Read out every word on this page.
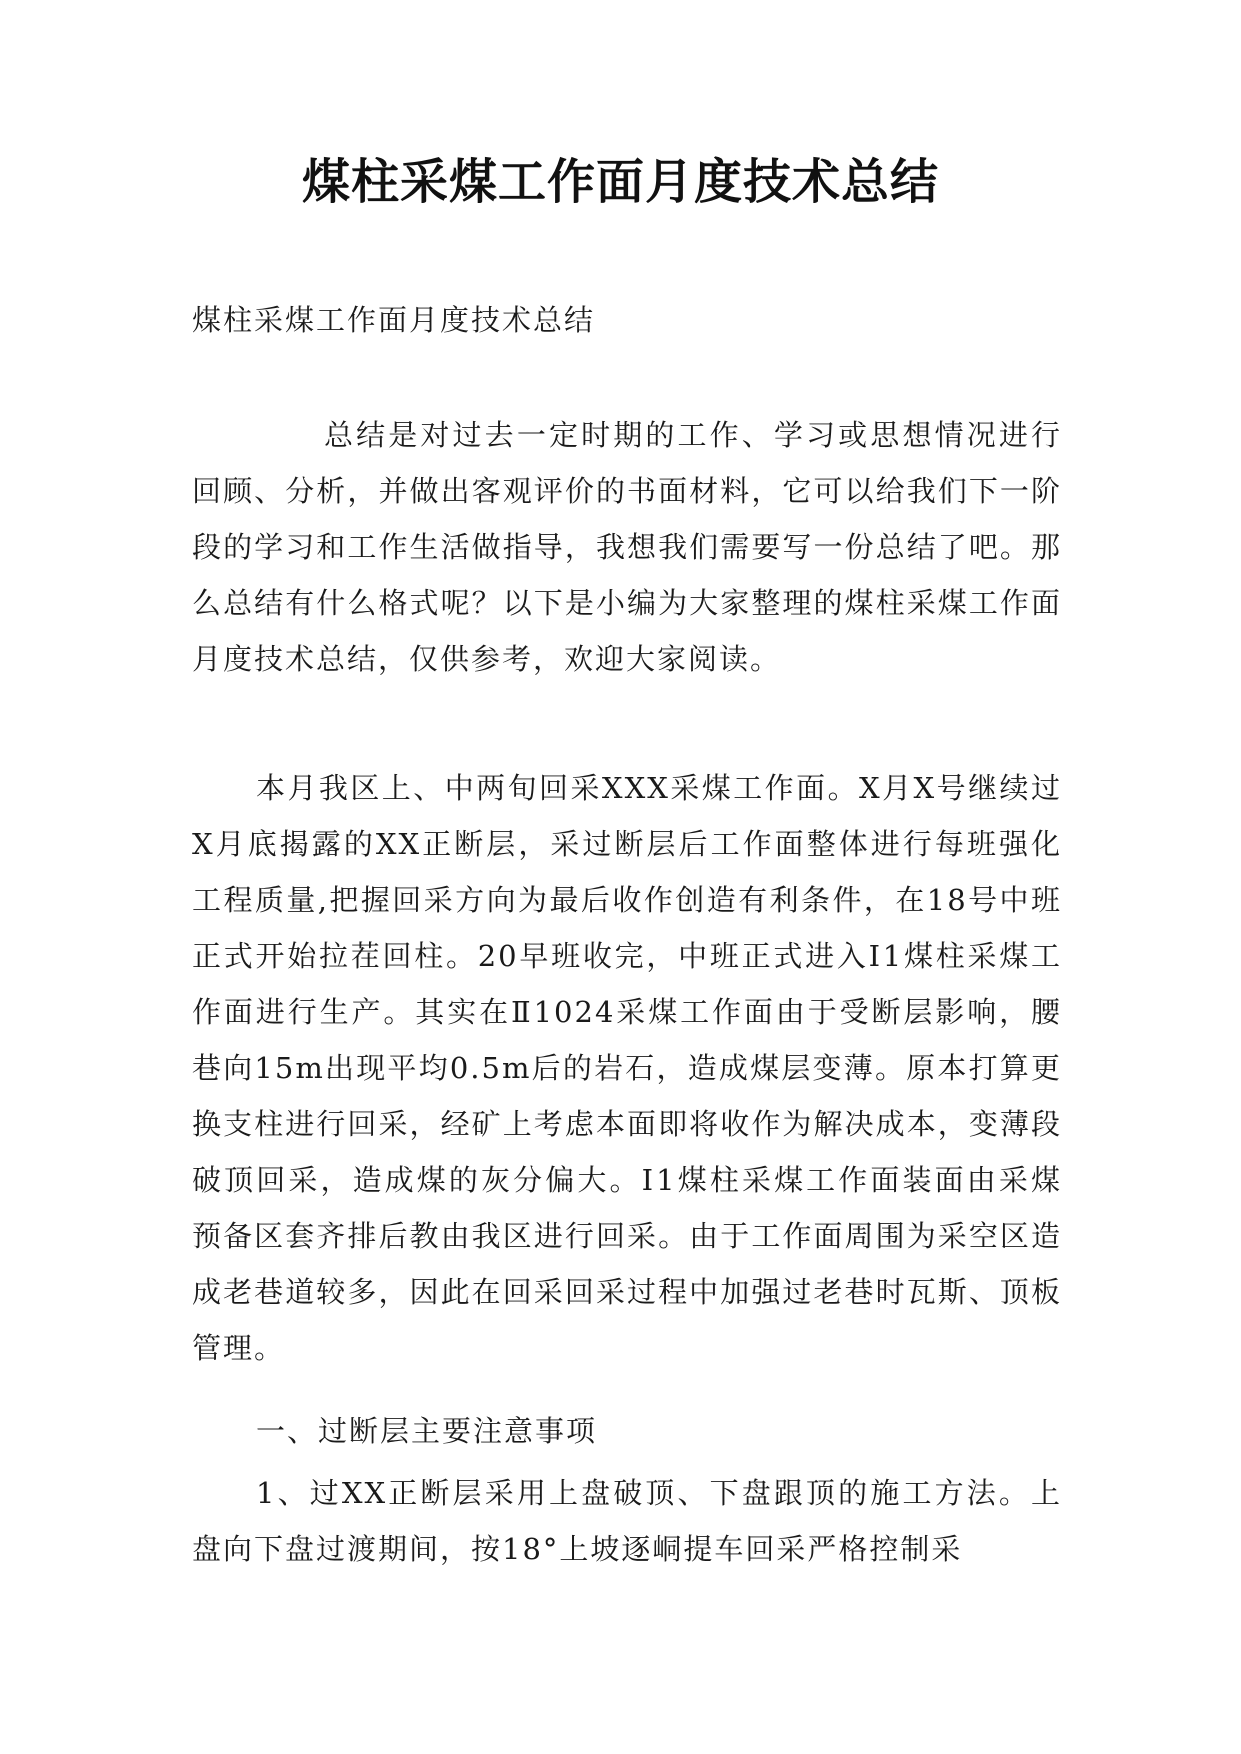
煤柱采煤工作面月度技术总结
煤柱采煤工作面月度技术总结

总结是对过去一定时期的工作、学习或思想情况进行回顾、分析，并做出客观评价的书面材料，它可以给我们下一阶段的学习和工作生活做指导，我想我们需要写一份总结了吧。那么总结有什么格式呢？以下是小编为大家整理的煤柱采煤工作面月度技术总结，仅供参考，欢迎大家阅读。

本月我区上、中两旬回采XXX采煤工作面。X月X号继续过X月底揭露的XX正断层，采过断层后工作面整体进行每班强化工程质量,把握回采方向为最后收作创造有利条件，在18号中班正式开始拉茬回柱。20早班收完，中班正式进入Ⅰ1煤柱采煤工作面进行生产。其实在Ⅱ1024采煤工作面由于受断层影响，腰巷向15m出现平均0.5m后的岩石，造成煤层变薄。原本打算更换支柱进行回采，经矿上考虑本面即将收作为解决成本，变薄段破顶回采，造成煤的灰分偏大。Ⅰ1煤柱采煤工作面装面由采煤预备区套齐排后教由我区进行回采。由于工作面周围为采空区造成老巷道较多，因此在回采回采过程中加强过老巷时瓦斯、顶板管理。

一、过断层主要注意事项

1、过XX正断层采用上盘破顶、下盘跟顶的施工方法。上盘向下盘过渡期间，按18°上坡逐峒提车回采严格控制采
